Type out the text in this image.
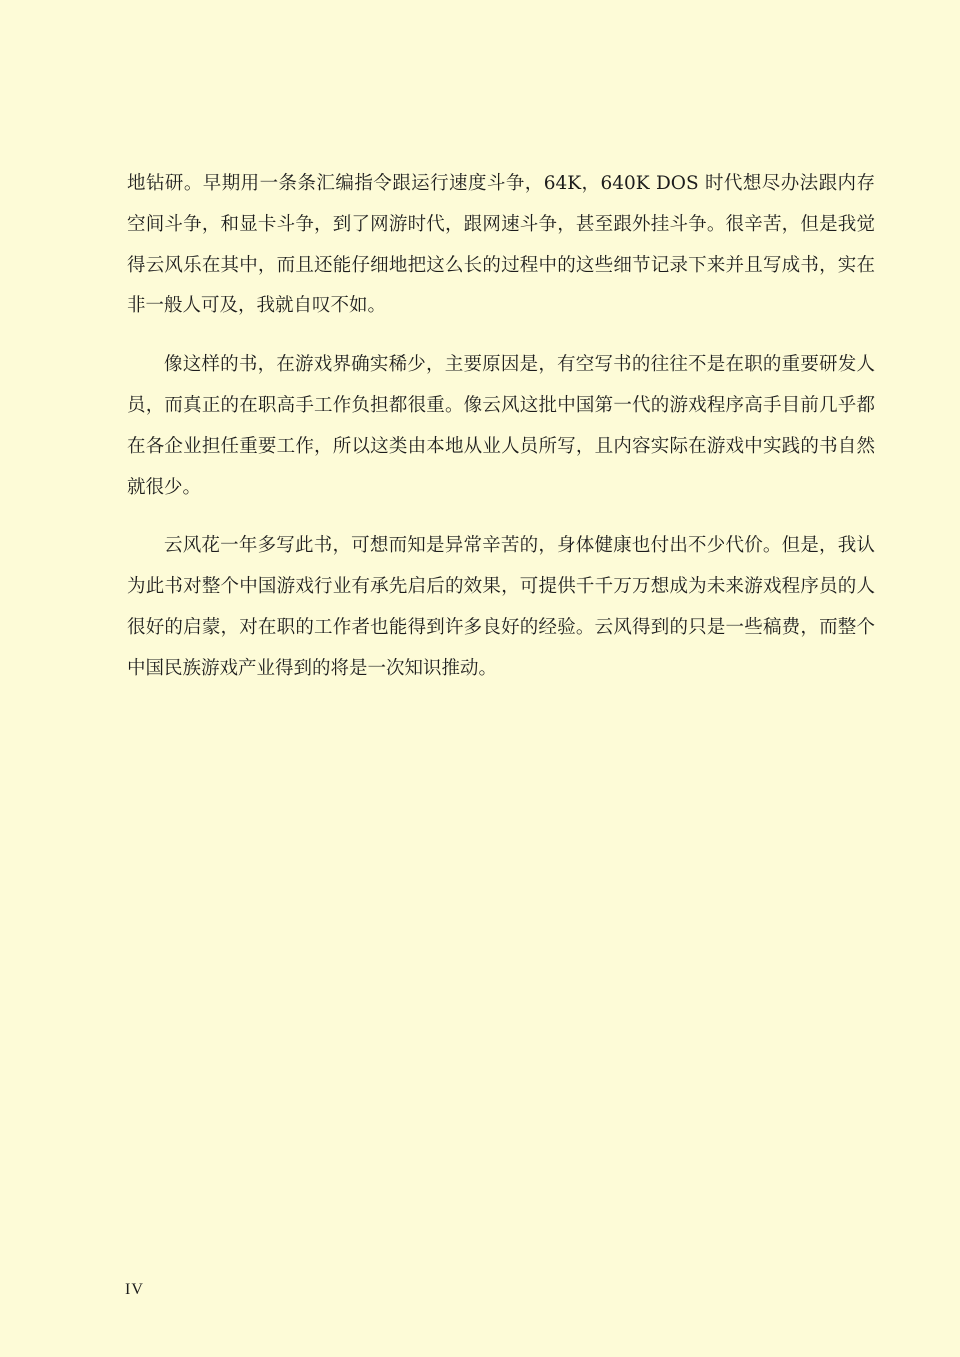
地钻研。早期用一条条汇编指令跟运行速度斗争，64K，640K DOS 时代想尽办法跟内存空间斗争，和显卡斗争，到了网游时代，跟网速斗争，甚至跟外挂斗争。很辛苦，但是我觉得云风乐在其中，而且还能仔细地把这么长的过程中的这些细节记录下来并且写成书，实在非一般人可及，我就自叹不如。

像这样的书，在游戏界确实稀少，主要原因是，有空写书的往往不是在职的重要研发人员，而真正的在职高手工作负担都很重。像云风这批中国第一代的游戏程序高手目前几乎都在各企业担任重要工作，所以这类由本地从业人员所写，且内容实际在游戏中实践的书自然就很少。

云风花一年多写此书，可想而知是异常辛苦的，身体健康也付出不少代价。但是，我认为此书对整个中国游戏行业有承先启后的效果，可提供千千万万想成为未来游戏程序员的人很好的启蒙，对在职的工作者也能得到许多良好的经验。云风得到的只是一些稿费，而整个中国民族游戏产业得到的将是一次知识推动。

IV
